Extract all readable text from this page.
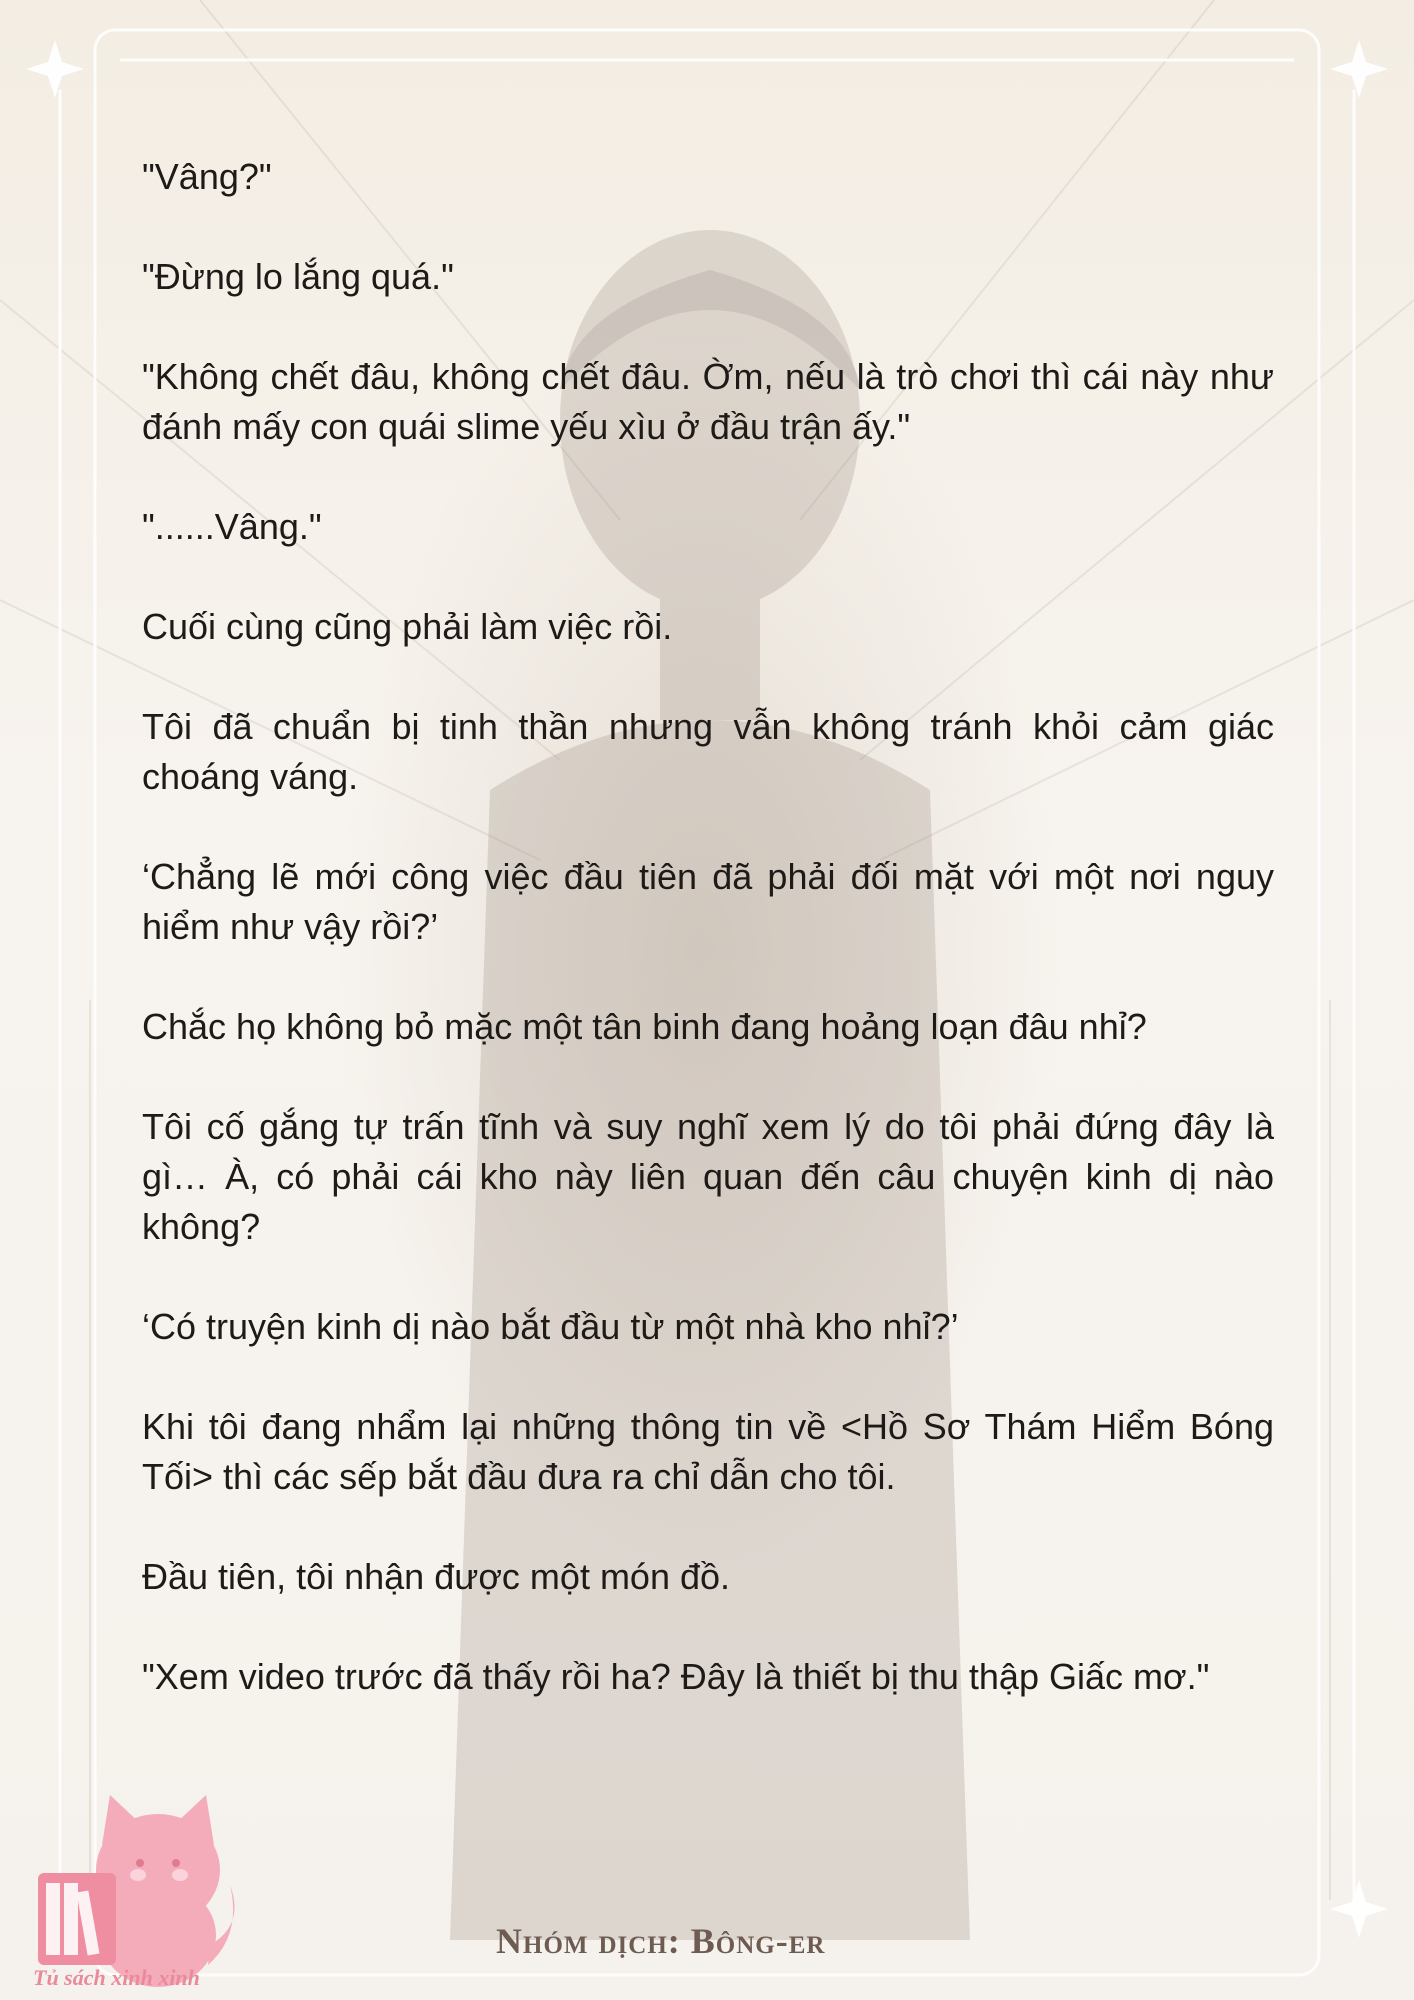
"Vâng?"

"Đừng lo lắng quá."

"Không chết đâu, không chết đâu. Ờm, nếu là trò chơi thì cái này như đánh mấy con quái slime yếu xìu ở đầu trận ấy."

"......Vâng."

Cuối cùng cũng phải làm việc rồi.

Tôi đã chuẩn bị tinh thần nhưng vẫn không tránh khỏi cảm giác choáng váng.

‘Chẳng lẽ mới công việc đầu tiên đã phải đối mặt với một nơi nguy hiểm như vậy rồi?’

Chắc họ không bỏ mặc một tân binh đang hoảng loạn đâu nhỉ?

Tôi cố gắng tự trấn tĩnh và suy nghĩ xem lý do tôi phải đứng đây là gì… À, có phải cái kho này liên quan đến câu chuyện kinh dị nào không?

‘Có truyện kinh dị nào bắt đầu từ một nhà kho nhỉ?’

Khi tôi đang nhẩm lại những thông tin về <Hồ Sơ Thám Hiểm Bóng Tối> thì các sếp bắt đầu đưa ra chỉ dẫn cho tôi.

Đầu tiên, tôi nhận được một món đồ.

"Xem video trước đã thấy rồi ha? Đây là thiết bị thu thập Giấc mơ."

Tủ sách xinh xinh
Nhóm dịch: Bông-er
